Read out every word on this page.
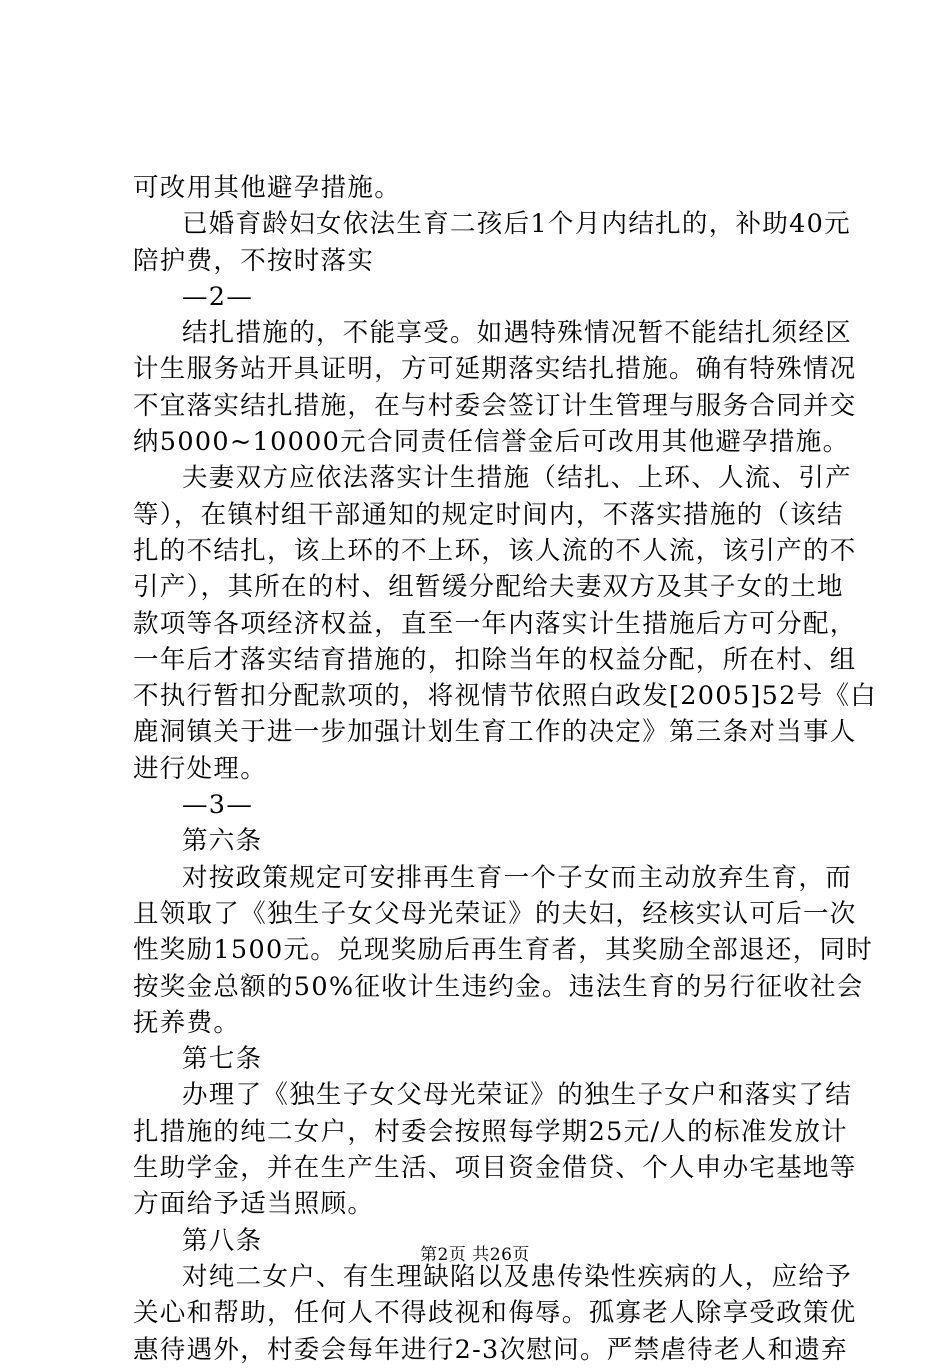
可改用其他避孕措施。
已婚育龄妇女依法生育二孩后1个月内结扎的，补助40元
陪护费，不按时落实
—2—
结扎措施的，不能享受。如遇特殊情况暂不能结扎须经区
计生服务站开具证明，方可延期落实结扎措施。确有特殊情况
不宜落实结扎措施，在与村委会签订计生管理与服务合同并交
纳5000~10000元合同责任信誉金后可改用其他避孕措施。
夫妻双方应依法落实计生措施（结扎、上环、人流、引产
等），在镇村组干部通知的规定时间内，不落实措施的（该结
扎的不结扎，该上环的不上环，该人流的不人流，该引产的不
引产），其所在的村、组暂缓分配给夫妻双方及其子女的土地
款项等各项经济权益，直至一年内落实计生措施后方可分配，
一年后才落实结育措施的，扣除当年的权益分配，所在村、组
不执行暂扣分配款项的，将视情节依照白政发[2005]52号《白
鹿洞镇关于进一步加强计划生育工作的决定》第三条对当事人
进行处理。
—3—
第六条
对按政策规定可安排再生育一个子女而主动放弃生育，而
且领取了《独生子女父母光荣证》的夫妇，经核实认可后一次
性奖励1500元。兑现奖励后再生育者，其奖励全部退还，同时
按奖金总额的50%征收计生违约金。违法生育的另行征收社会
抚养费。
第七条
办理了《独生子女父母光荣证》的独生子女户和落实了结
扎措施的纯二女户，村委会按照每学期25元/人的标准发放计
生助学金，并在生产生活、项目资金借贷、个人申办宅基地等
方面给予适当照顾。
第八条
对纯二女户、有生理缺陷以及患传染性疾病的人，应给予
关心和帮助，任何人不得歧视和侮辱。孤寡老人除享受政策优
惠待遇外，村委会每年进行2-3次慰问。严禁虐待老人和遗弃
第2页 共26页
